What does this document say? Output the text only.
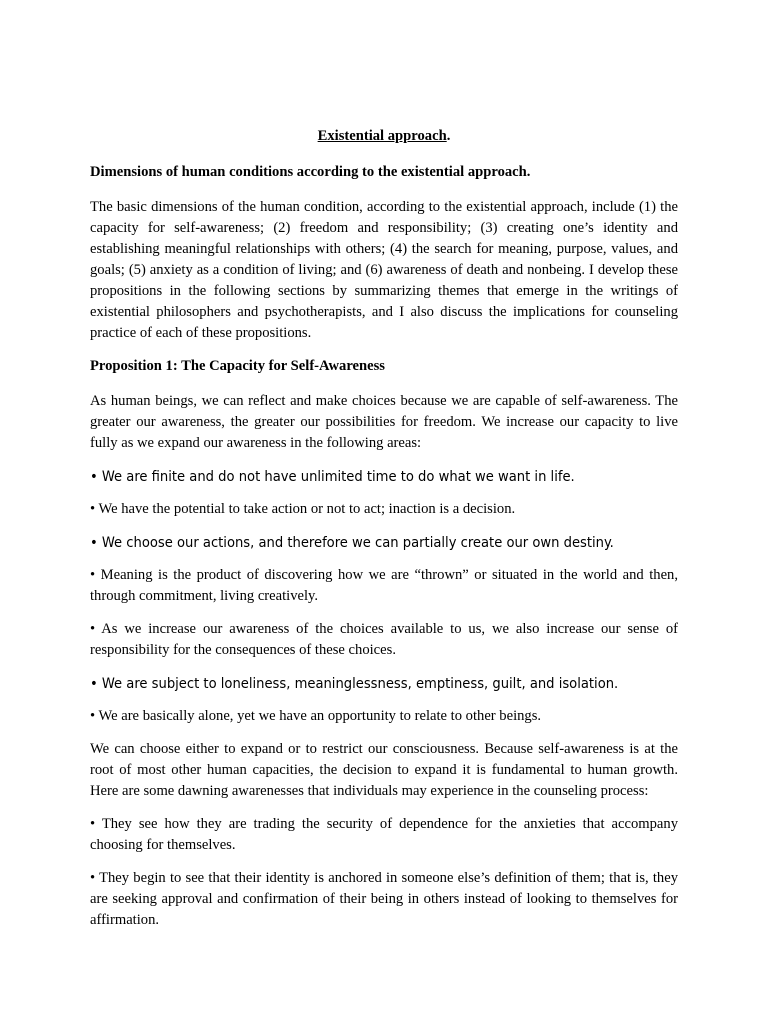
Existential approach.

Dimensions of human conditions according to the existential approach.

The basic dimensions of the human condition, according to the existential approach, include (1) the capacity for self-awareness; (2) freedom and responsibility; (3) creating one’s identity and establishing meaningful relationships with others; (4) the search for meaning, purpose, values, and goals; (5) anxiety as a condition of living; and (6) awareness of death and nonbeing. I develop these propositions in the following sections by summarizing themes that emerge in the writings of existential philosophers and psychotherapists, and I also discuss the implications for counseling practice of each of these propositions.

Proposition 1: The Capacity for Self-Awareness

As human beings, we can reflect and make choices because we are capable of self-awareness. The greater our awareness, the greater our possibilities for freedom. We increase our capacity to live fully as we expand our awareness in the following areas:

• We are finite and do not have unlimited time to do what we want in life.

• We have the potential to take action or not to act; inaction is a decision.

• We choose our actions, and therefore we can partially create our own destiny.

• Meaning is the product of discovering how we are “thrown” or situated in the world and then, through commitment, living creatively.

• As we increase our awareness of the choices available to us, we also increase our sense of responsibility for the consequences of these choices.

• We are subject to loneliness, meaninglessness, emptiness, guilt, and isolation.

• We are basically alone, yet we have an opportunity to relate to other beings.

We can choose either to expand or to restrict our consciousness. Because self-awareness is at the root of most other human capacities, the decision to expand it is fundamental to human growth. Here are some dawning awarenesses that individuals may experience in the counseling process:

• They see how they are trading the security of dependence for the anxieties that accompany choosing for themselves.

• They begin to see that their identity is anchored in someone else’s definition of them; that is, they are seeking approval and confirmation of their being in others instead of looking to themselves for affirmation.
